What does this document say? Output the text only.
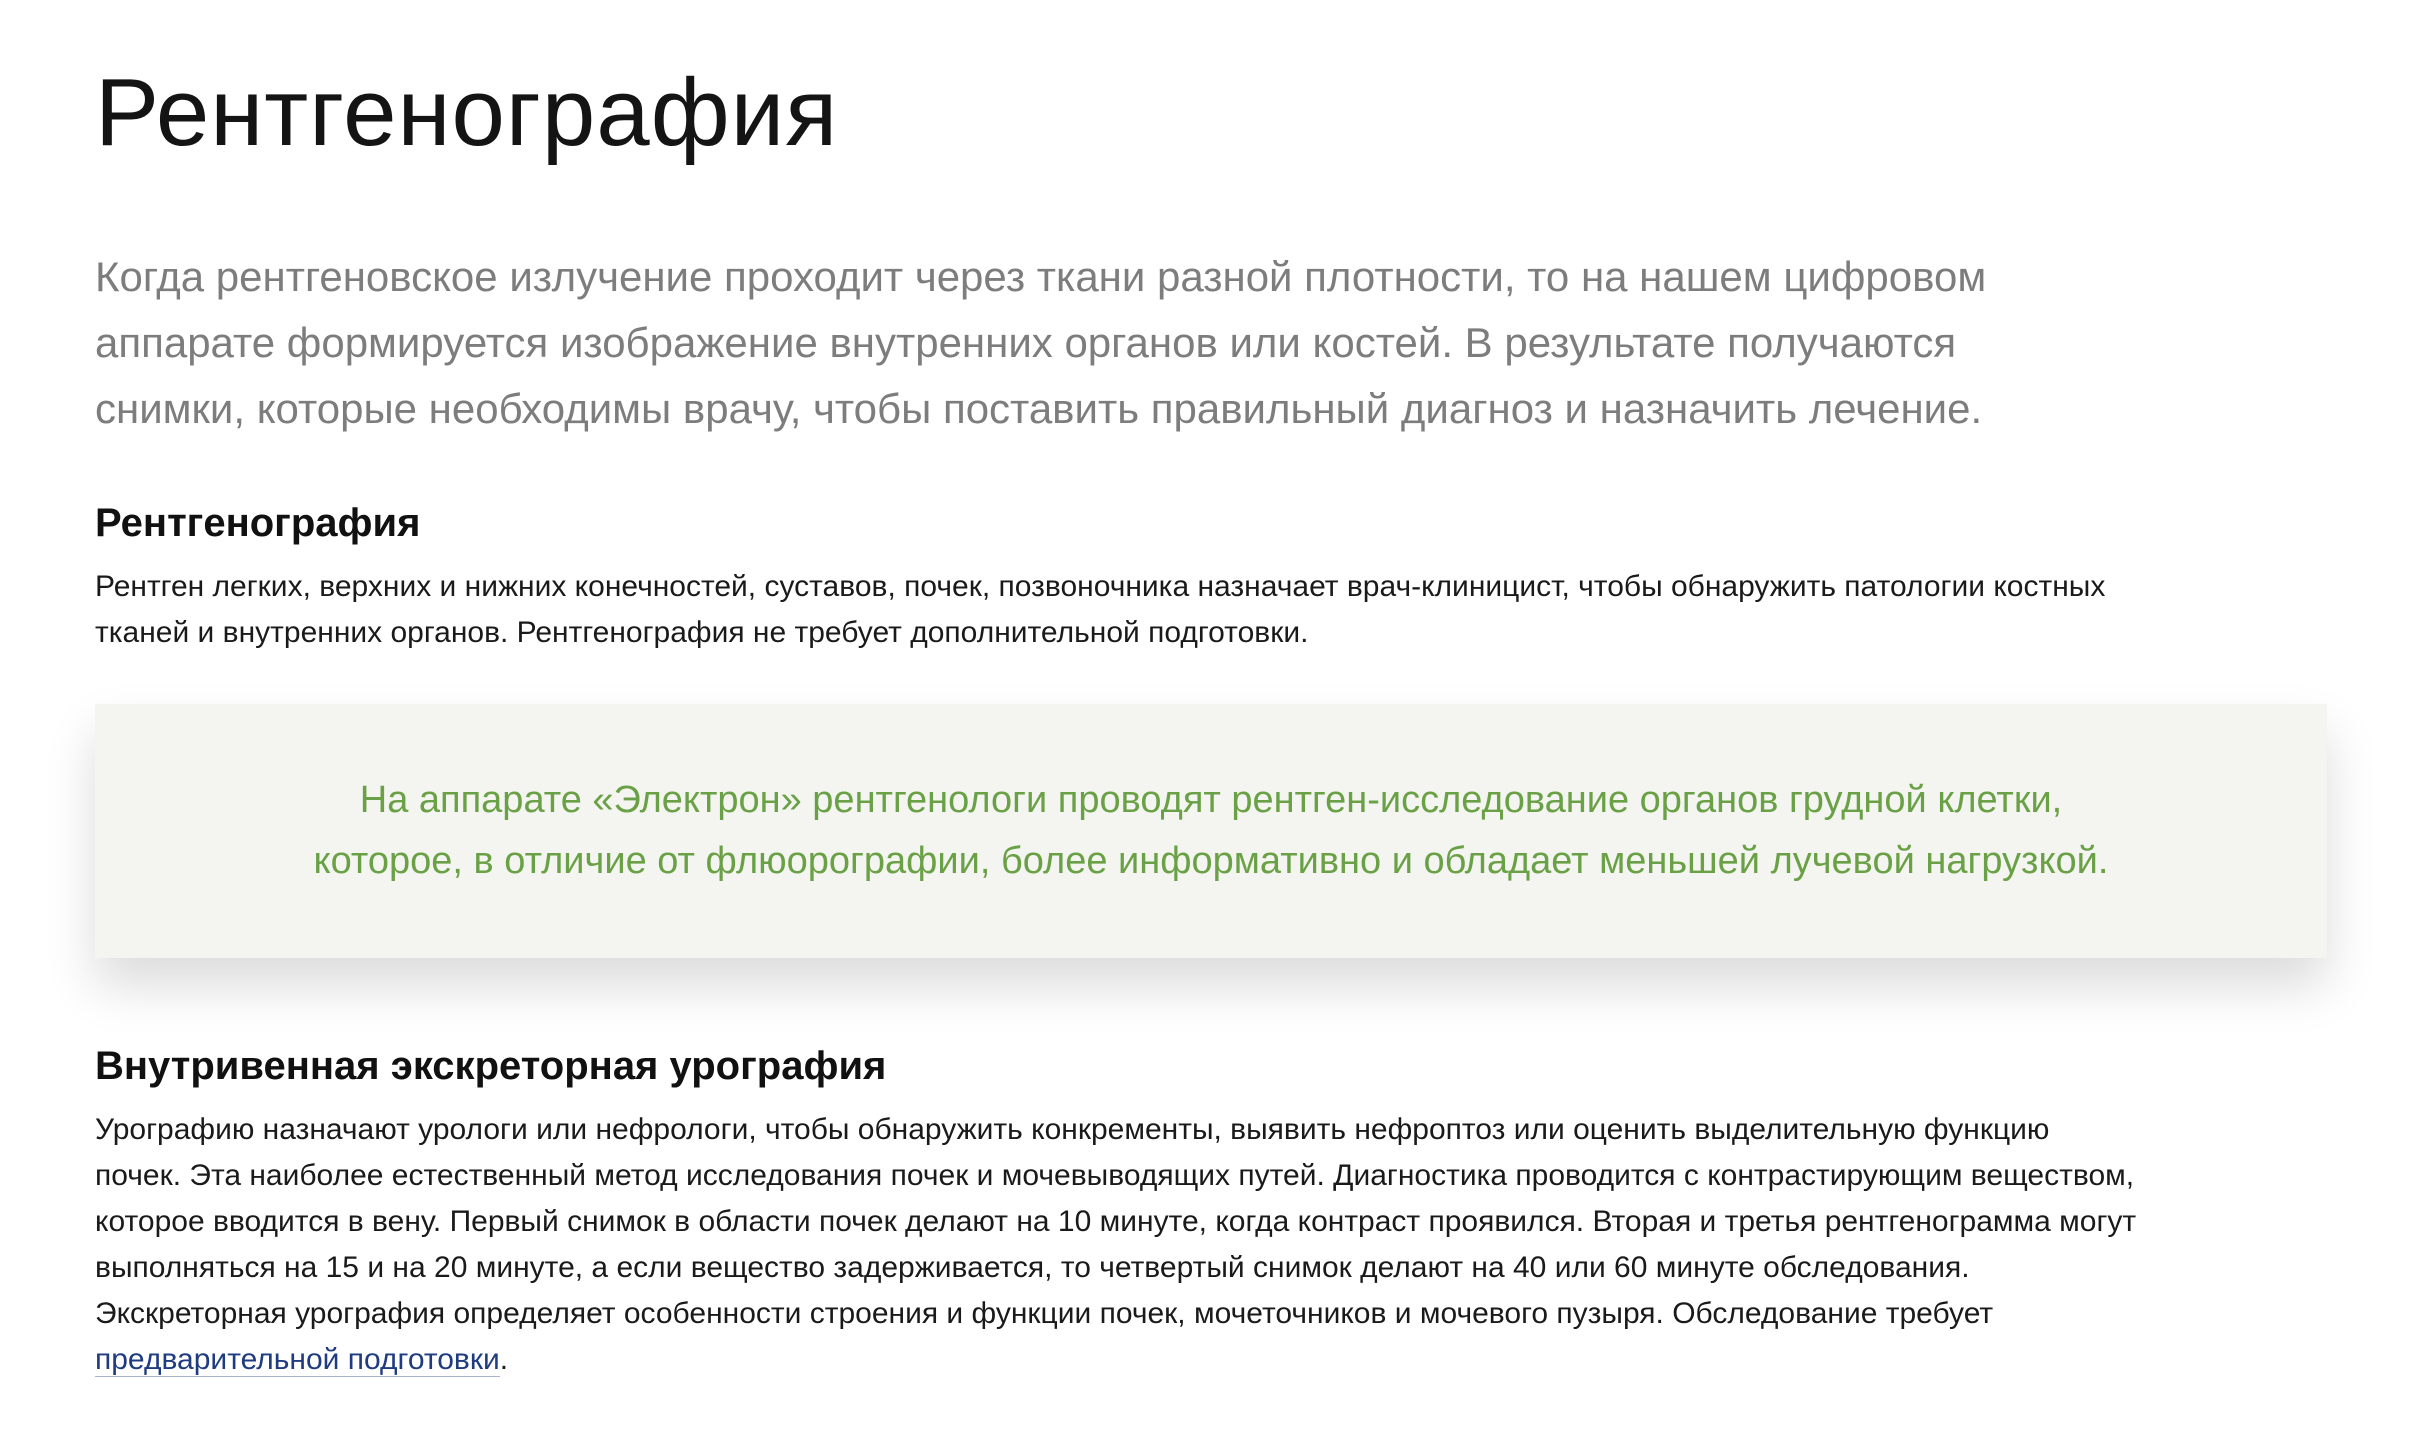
Рентгенография

Когда рентгеновское излучение проходит через ткани разной плотности, то на нашем цифровом
аппарате формируется изображение внутренних органов или костей. В результате получаются
снимки, которые необходимы врачу, чтобы поставить правильный диагноз и назначить лечение.

Рентгенография

Рентген легких, верхних и нижних конечностей, суставов, почек, позвоночника назначает врач-клиницист, чтобы обнаружить патологии костных
тканей и внутренних органов. Рентгенография не требует дополнительной подготовки.

На аппарате «Электрон» рентгенологи проводят рентген-исследование органов грудной клетки,
которое, в отличие от флюорографии, более информативно и обладает меньшей лучевой нагрузкой.

Внутривенная экскреторная урография

Урографию назначают урологи или нефрологи, чтобы обнаружить конкременты, выявить нефроптоз или оценить выделительную функцию
почек. Эта наиболее естественный метод исследования почек и мочевыводящих путей. Диагностика проводится с контрастирующим веществом,
которое вводится в вену. Первый снимок в области почек делают на 10 минуте, когда контраст проявился. Вторая и третья рентгенограмма могут
выполняться на 15 и на 20 минуте, а если вещество задерживается, то четвертый снимок делают на 40 или 60 минуте обследования.
Экскреторная урография определяет особенности строения и функции почек, мочеточников и мочевого пузыря. Обследование требует
предварительной подготовки.
